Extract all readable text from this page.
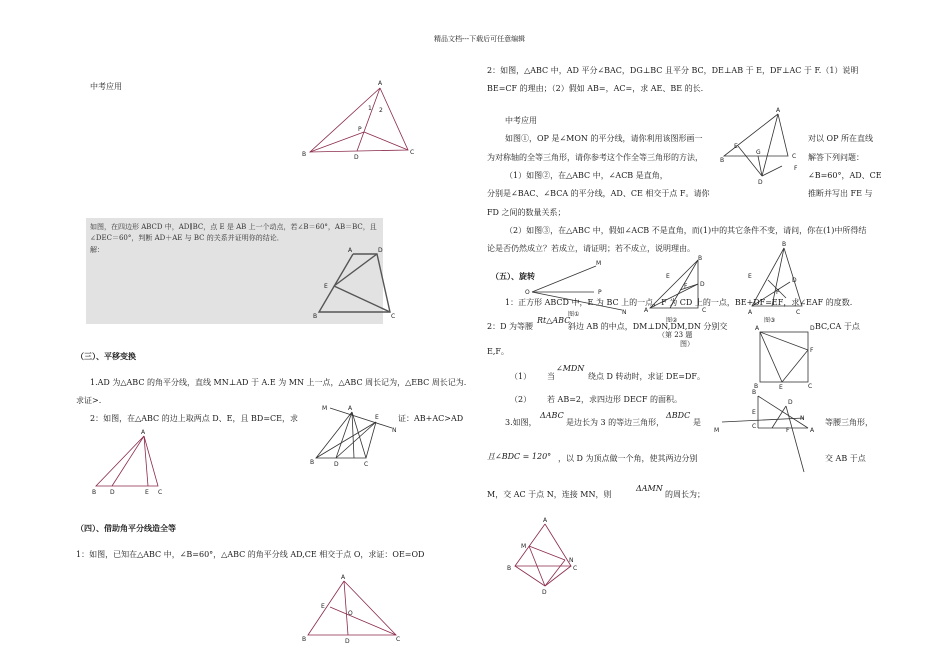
精品文档---下载后可任意编辑
中考应用	A
B	C
D
P
1 2
如图，在四边形 ABCD 中，AD∥BC，点 E 是 AB 上一个动点，若∠B＝60°，AB＝BC，且
∠DEC＝60°，判断 AD＋AE 与 BC 的关系并证明你的结论．
解：	A	D
E
B	C
（三）、平移变换
1.AD 为△ABC 的角平分线，直线 MN⊥AD 于 A.E 为 MN 上一点，△ABC 周长记为，△EBC 周长记为.
求证>.
2：如图，在△ABC 的边上取两点 D、E，且 BD=CE，求	证：AB+AC>AD
A
B D	E C
M	A
E
N
B	D	C
（四）、借助角平分线造全等
1：如图，已知在△ABC 中，∠B=60°，△ABC 的角平分线 AD,CE 相交于点 O，求证：OE=OD
A
E
O
B	D	C
2：如图，△ABC 中，AD 平分∠BAC，DG⊥BC 且平分 BC，DE⊥AB 于 E，DF⊥AC 于 F.（1）说明
BE=CF 的理由；（2）假如 AB=，AC=，求 AE、BE 的长.
中考应用
如图①，OP 是∠MON 的平分线，请你利用该图形画一	对以 OP 所在直线
为对称轴的全等三角形，请你参考这个作全等三角形的方法，	解答下列问题：
（1）如图②，在△ABC 中，∠ACB 是直角，	∠B=60°，AD、CE
分别是∠BAC、∠BCA 的平分线，AD、CE 相交于点 F。请你	推断并写出 FE 与
FD 之间的数量关系；
（2）如图③，在△ABC 中，假如∠ACB 不是直角，而(1)中的其它条件不变，请问，你在(1)中所得结
论是否仍然成立？若成立，请证明；若不成立，说明理由。
A
E
G
C
B
F
D
（五）、旋转
M
O	P
N
图①
B
E
F D
C
A
图②
B
E
D
F
A	C
图③
1：正方形 ABCD 中，E 为 BC 上的一点，F 为 CD 上的一点，BE+DF=EF，求∠EAF 的度数.
Rt△ABC
2：D 为等腰	斜边 AB 的中点，DM⊥DN,DM,DN 分别交	BC,CA 于点
（第 23 题
图）
E,F。
A	D
F
B	E	C
（1） 当
∠MDN
绕点 D 转动时，求证 DE=DF。
（2） 若 AB=2，求四边形 DECF 的面积。
B
E
D
M
C
F	A
N
3.如图，
ΔABC
是边长为 3 的等边三角形，
ΔBDC
是	等腰三角形，
且∠BDC = 120° ，以 D 为顶点做一个角，使其两边分别	交 AB 于点
M，交 AC 于点 N，连接 MN，则
ΔAMN
的周长为；
A
M
B	C
N
D
